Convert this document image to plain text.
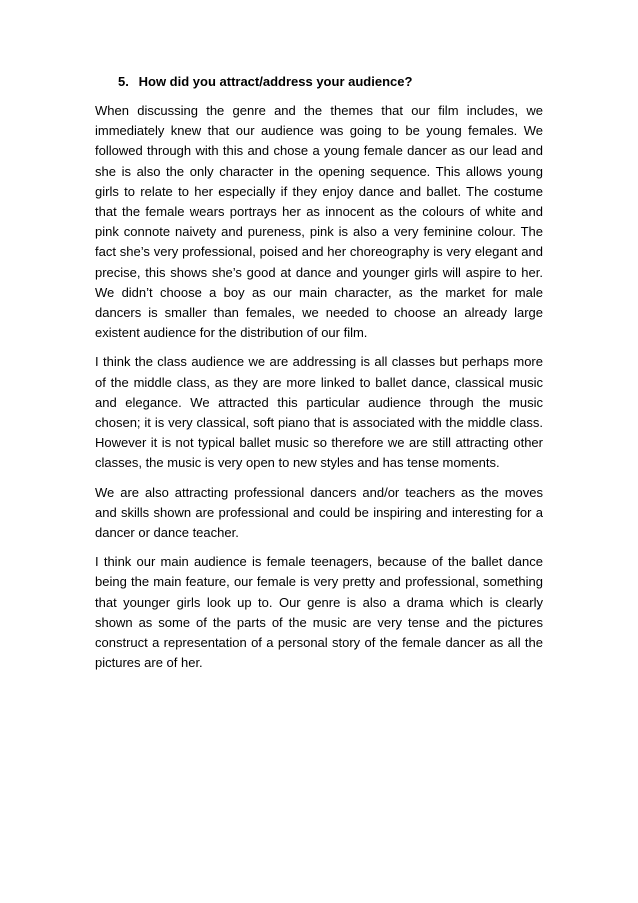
5. How did you attract/address your audience?

When discussing the genre and the themes that our film includes, we immediately knew that our audience was going to be young females. We followed through with this and chose a young female dancer as our lead and she is also the only character in the opening sequence. This allows young girls to relate to her especially if they enjoy dance and ballet. The costume that the female wears portrays her as innocent as the colours of white and pink connote naivety and pureness, pink is also a very feminine colour. The fact she’s very professional, poised and her choreography is very elegant and precise, this shows she’s good at dance and younger girls will aspire to her. We didn’t choose a boy as our main character, as the market for male dancers is smaller than females, we needed to choose an already large existent audience for the distribution of our film.

I think the class audience we are addressing is all classes but perhaps more of the middle class, as they are more linked to ballet dance, classical music and elegance. We attracted this particular audience through the music chosen; it is very classical, soft piano that is associated with the middle class. However it is not typical ballet music so therefore we are still attracting other classes, the music is very open to new styles and has tense moments.

We are also attracting professional dancers and/or teachers as the moves and skills shown are professional and could be inspiring and interesting for a dancer or dance teacher.

I think our main audience is female teenagers, because of the ballet dance being the main feature, our female is very pretty and professional, something that younger girls look up to. Our genre is also a drama which is clearly shown as some of the parts of the music are very tense and the pictures construct a representation of a personal story of the female dancer as all the pictures are of her.
